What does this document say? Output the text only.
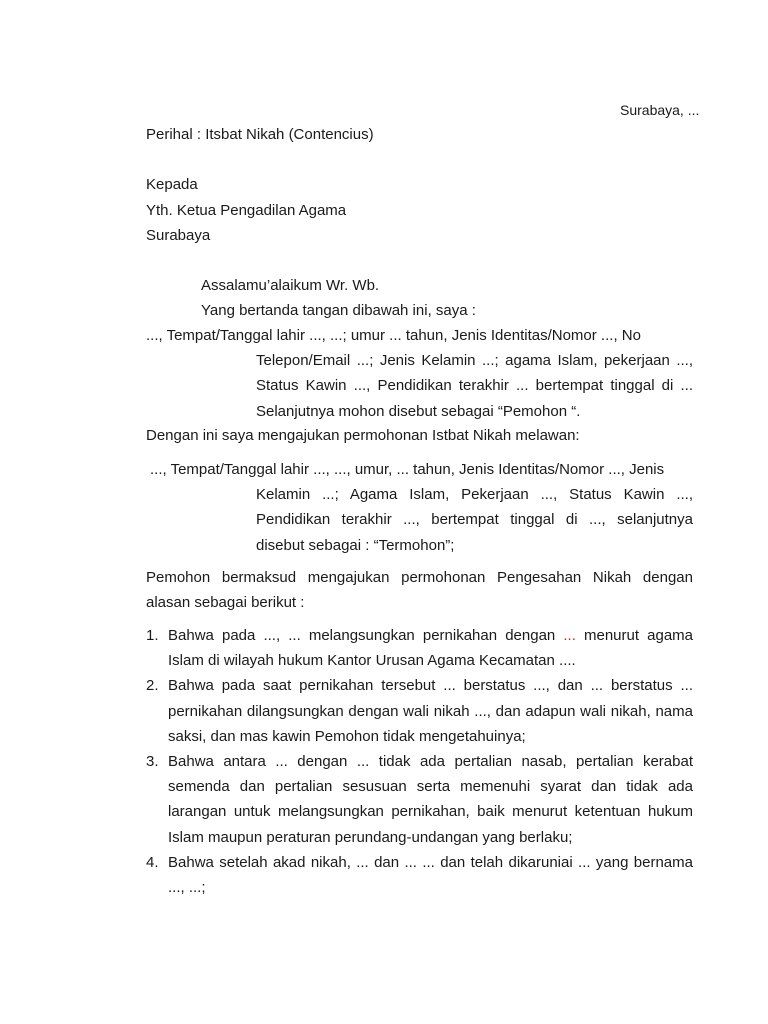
Surabaya, ...
Perihal : Itsbat Nikah (Contencius)
Kepada
Yth. Ketua Pengadilan Agama
Surabaya
Assalamu’alaikum Wr. Wb.
Yang bertanda tangan dibawah ini, saya :
..., Tempat/Tanggal lahir ..., ...; umur ... tahun, Jenis Identitas/Nomor ..., No
Telepon/Email ...; Jenis Kelamin ...; agama Islam, pekerjaan ..., Status Kawin ..., Pendidikan terakhir ... bertempat tinggal di ... Selanjutnya mohon disebut sebagai “Pemohon “.
Dengan ini saya mengajukan permohonan Istbat Nikah melawan:
..., Tempat/Tanggal lahir ..., ..., umur, ... tahun, Jenis Identitas/Nomor ..., Jenis
Kelamin ...; Agama Islam, Pekerjaan ..., Status Kawin ..., Pendidikan terakhir ..., bertempat tinggal di ..., selanjutnya disebut sebagai : “Termohon”;
Pemohon bermaksud mengajukan permohonan Pengesahan Nikah dengan alasan sebagai berikut :
1. Bahwa pada ..., ... melangsungkan pernikahan dengan ... menurut agama Islam di wilayah hukum Kantor Urusan Agama Kecamatan ....
2. Bahwa pada saat pernikahan tersebut ... berstatus ..., dan ... berstatus ... pernikahan dilangsungkan dengan wali nikah ..., dan adapun wali nikah, nama saksi, dan mas kawin Pemohon tidak mengetahuinya;
3. Bahwa antara ... dengan ... tidak ada pertalian nasab, pertalian kerabat semenda dan pertalian sesusuan serta memenuhi syarat dan tidak ada larangan untuk melangsungkan pernikahan, baik menurut ketentuan hukum Islam maupun peraturan perundang-undangan yang berlaku;
4. Bahwa setelah akad nikah, ... dan ... ... dan telah dikaruniai ... yang bernama ..., ...;
